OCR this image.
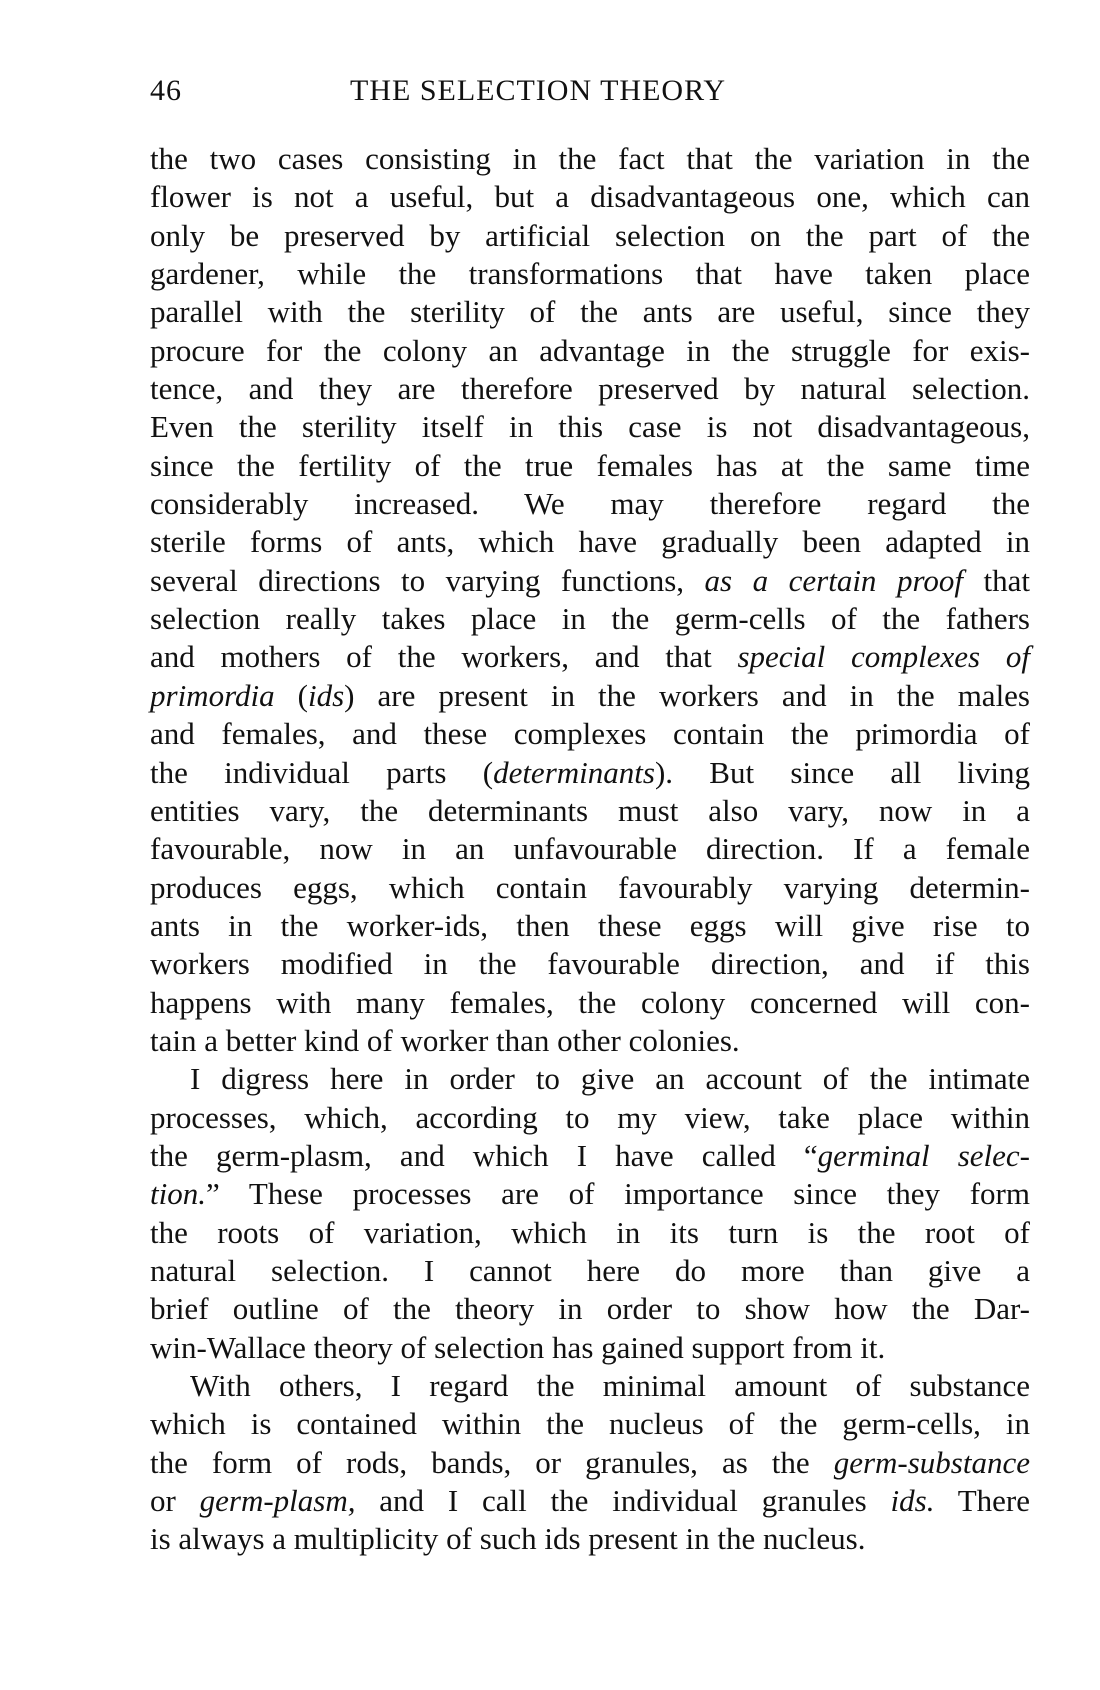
46	THE SELECTION THEORY
the two cases consisting in the fact that the variation in the
flower is not a useful, but a disadvantageous one, which can
only be preserved by artificial selection on the part of the
gardener, while the transformations that have taken place
parallel with the sterility of the ants are useful, since they
procure for the colony an advantage in the struggle for exis-
tence, and they are therefore preserved by natural selection.
Even the sterility itself in this case is not disadvantageous,
since the fertility of the true females has at the same time
considerably increased. We may therefore regard the
sterile forms of ants, which have gradually been adapted in
several directions to varying functions, as a certain proof that
selection really takes place in the germ-cells of the fathers
and mothers of the workers, and that special complexes of
primordia (ids) are present in the workers and in the males
and females, and these complexes contain the primordia of
the individual parts (determinants). But since all living
entities vary, the determinants must also vary, now in a
favourable, now in an unfavourable direction. If a female
produces eggs, which contain favourably varying determin-
ants in the worker-ids, then these eggs will give rise to
workers modified in the favourable direction, and if this
happens with many females, the colony concerned will con-
tain a better kind of worker than other colonies.
I digress here in order to give an account of the intimate
processes, which, according to my view, take place within
the germ-plasm, and which I have called “germinal selec-
tion.” These processes are of importance since they form
the roots of variation, which in its turn is the root of
natural selection. I cannot here do more than give a
brief outline of the theory in order to show how the Dar-
win-Wallace theory of selection has gained support from it.
With others, I regard the minimal amount of substance
which is contained within the nucleus of the germ-cells, in
the form of rods, bands, or granules, as the germ-substance
or germ-plasm, and I call the individual granules ids. There
is always a multiplicity of such ids present in the nucleus.
